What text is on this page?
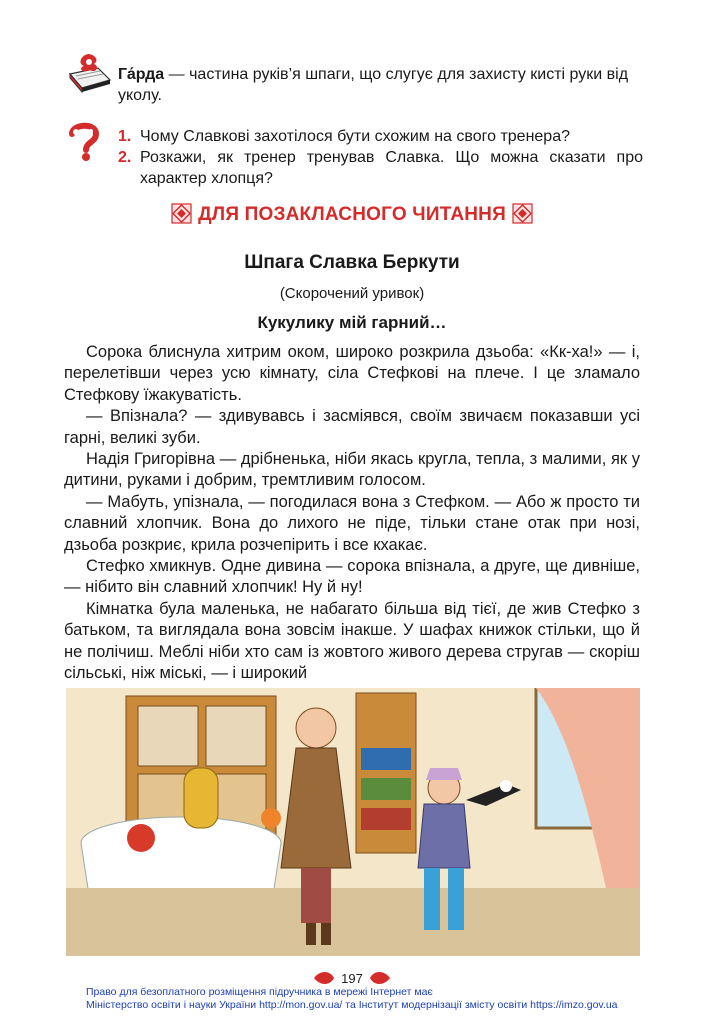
Га́рда — частина руків’я шпаги, що слугує для захисту кисті руки від уколу.
1. Чому Славкові захотілося бути схожим на свого тренера?
2. Розкажи, як тренер тренував Славка. Що можна сказати про характер хлопця?
ДЛЯ ПОЗАКЛАСНОГО ЧИТАННЯ
Шпага Славка Беркути
(Скорочений уривок)
Кукулику мій гарний…

Сорока блиснула хитрим оком, широко розкрила дзьоба: «Кк-ха!» — і, перелетівши через усю кімнату, сіла Стефкові на плече. І це зламало Стефкову їжакуватість.

— Впізнала? — здивувавсь і засміявся, своїм звичаєм показавши усі гарні, великі зуби.

Надія Григорівна — дрібненька, ніби якась кругла, тепла, з малими, як у дитини, руками і добрим, тремтливим голосом.

— Мабуть, упізнала, — погодилася вона з Стефком. — Або ж просто ти славний хлопчик. Вона до лихого не піде, тільки стане отак при нозі, дзьоба розкриє, крила розчепірить і все кхакає.

Стефко хмикнув. Одне дивина — сорока впізнала, а друге, ще дивніше, — нібито він славний хлопчик! Ну й ну!

Кімнатка була маленька, не набагато більша від тієї, де жив Стефко з батьком, та виглядала вона зовсім інакше. У шафах книжок стільки, що й не полічиш. Меблі ніби хто сам із жовтого живого дерева стругав — скоріш сільські, ніж міські, — і широкий

197
Право для безоплатного розміщення підручника в мережі Інтернет має
Міністерство освіти і науки України http://mon.gov.ua/ та Інститут модернізації змісту освіти https://imzo.gov.ua
